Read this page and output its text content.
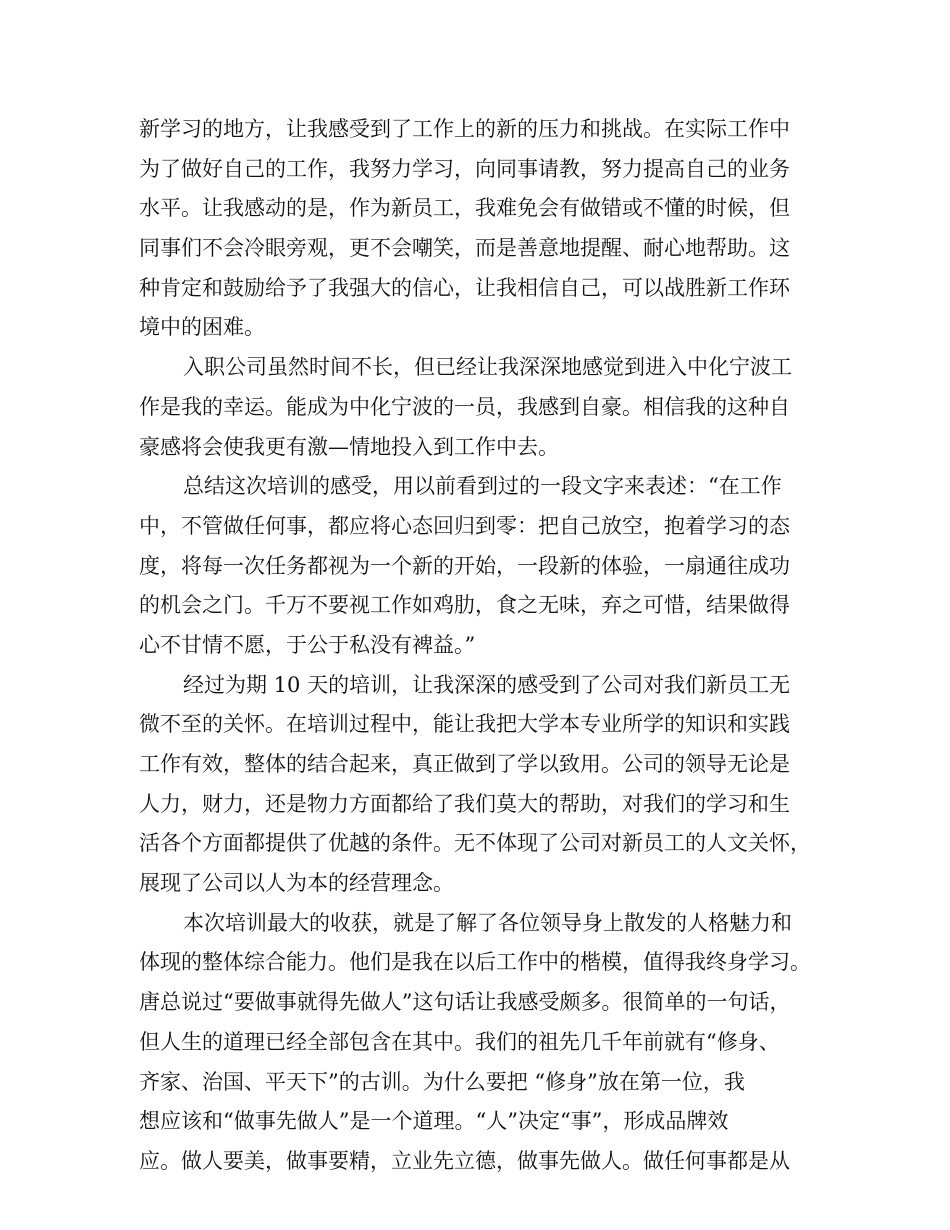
新学习的地方，让我感受到了工作上的新的压力和挑战。在实际工作中
为了做好自己的工作，我努力学习，向同事请教，努力提高自己的业务
水平。让我感动的是，作为新员工，我难免会有做错或不懂的时候，但
同事们不会冷眼旁观，更不会嘲笑，而是善意地提醒、耐心地帮助。这
种肯定和鼓励给予了我强大的信心，让我相信自己，可以战胜新工作环
境中的困难。
入职公司虽然时间不长，但已经让我深深地感觉到进入中化宁波工
作是我的幸运。能成为中化宁波的一员，我感到自豪。相信我的这种自
豪感将会使我更有激—情地投入到工作中去。
总结这次培训的感受，用以前看到过的一段文字来表述：“在工作
中，不管做任何事，都应将心态回归到零：把自己放空，抱着学习的态
度，将每一次任务都视为一个新的开始，一段新的体验，一扇通往成功
的机会之门。千万不要视工作如鸡肋，食之无味，弃之可惜，结果做得
心不甘情不愿，于公于私没有裨益。”
经过为期 10 天的培训，让我深深的感受到了公司对我们新员工无
微不至的关怀。在培训过程中，能让我把大学本专业所学的知识和实践
工作有效，整体的结合起来，真正做到了学以致用。公司的领导无论是
人力，财力，还是物力方面都给了我们莫大的帮助，对我们的学习和生
活各个方面都提供了优越的条件。无不体现了公司对新员工的人文关怀，
展现了公司以人为本的经营理念。
本次培训最大的收获，就是了解了各位领导身上散发的人格魅力和
体现的整体综合能力。他们是我在以后工作中的楷模，值得我终身学习。
唐总说过“要做事就得先做人”这句话让我感受颇多。很简单的一句话，
但人生的道理已经全部包含在其中。我们的祖先几千年前就有“修身、
齐家、治国、平天下”的古训。为什么要把 “修身”放在第一位，我
想应该和“做事先做人”是一个道理。“人”决定“事”，形成品牌效
应。做人要美，做事要精，立业先立德，做事先做人。做任何事都是从
